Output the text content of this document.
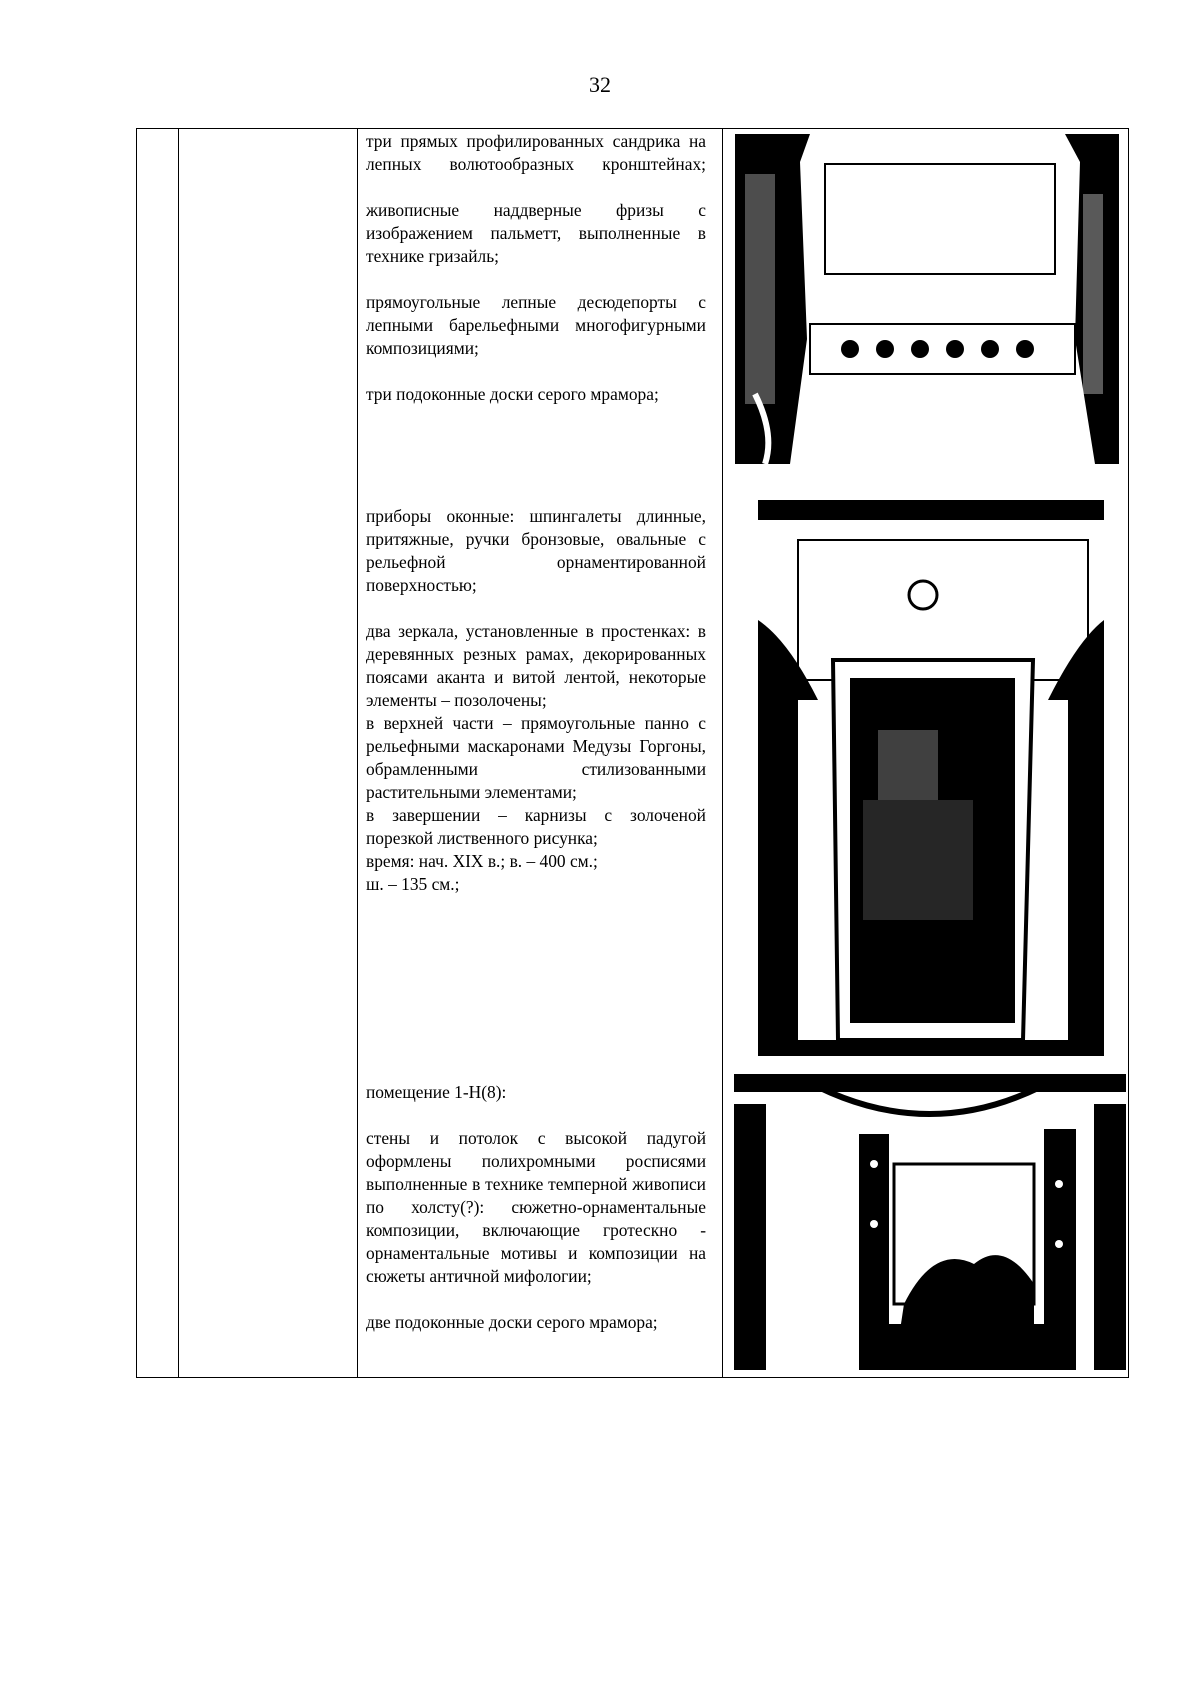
32

три прямых профилированных сандрика на лепных волютообразных кронштейнах;

живописные наддверные фризы с изображением пальметт, выполненные в технике гризайль;

прямоугольные лепные десюдепорты с лепными барельефными многофигурными композициями;

три подоконные доски серого мрамора;

приборы оконные: шпингалеты длинные, притяжные, ручки бронзовые, овальные с рельефной орнаментированной поверхностью;

два зеркала, установленные в простенках: в деревянных резных рамах, декорированных поясами аканта и витой лентой, некоторые элементы – позолочены;

в верхней части – прямоугольные панно с рельефными маскаронами Медузы Горгоны, обрамленными стилизованными растительными элементами;

в завершении – карнизы с золоченой порезкой лиственного рисунка;

время: нач. XIX в.; в. – 400 см.;

ш. – 135 см.;

помещение 1-Н(8):

стены и потолок с высокой падугой оформлены полихромными росписями выполненные в технике темперной живописи по холсту(?): сюжетно-орнаментальные композиции, включающие гротескно - орнаментальные мотивы и композиции на сюжеты античной мифологии;

две подоконные доски серого мрамора;
